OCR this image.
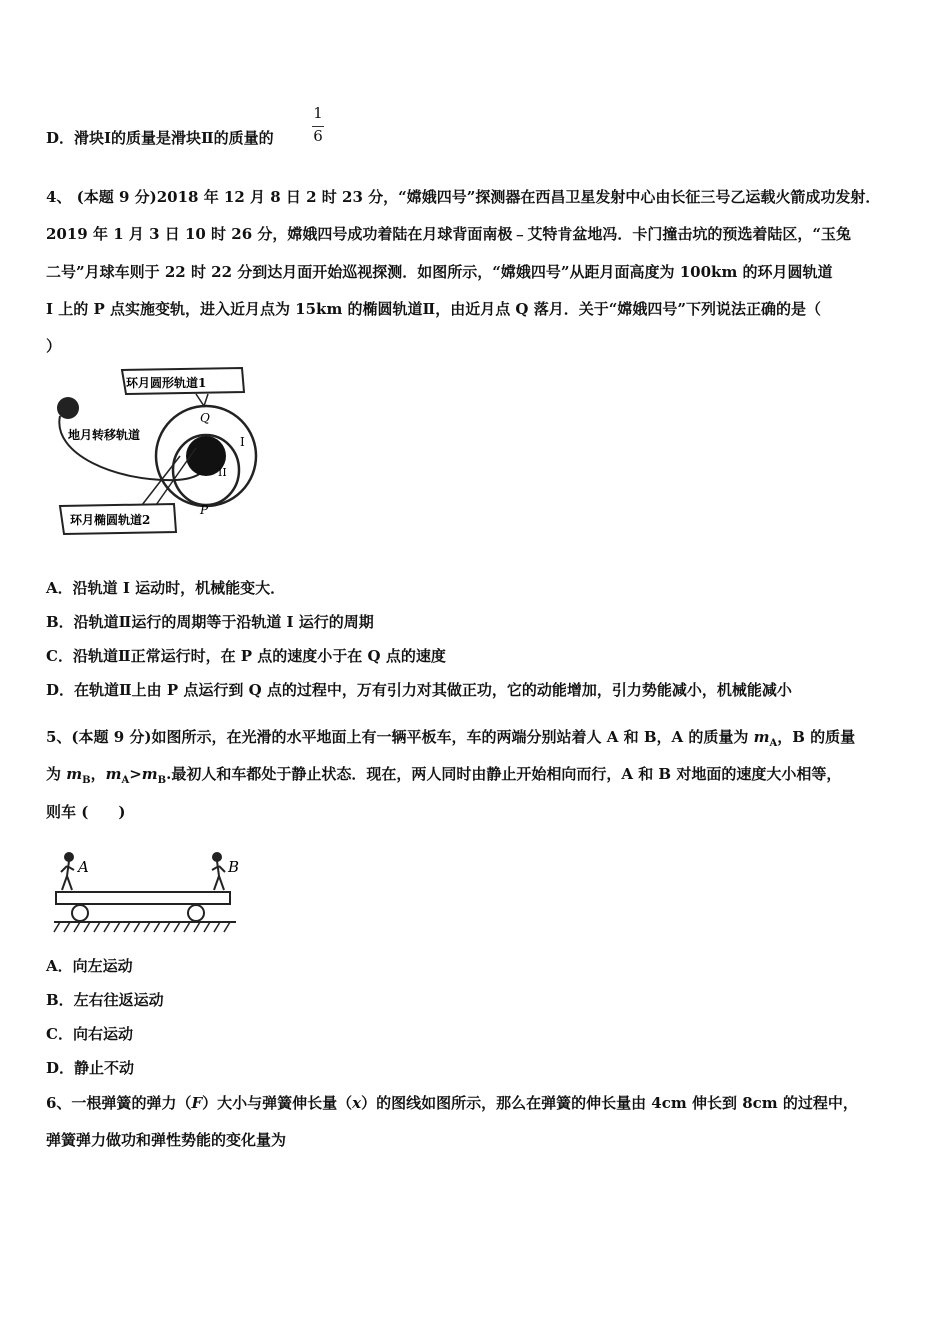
D．滑块Ⅰ的质量是滑块Ⅱ的质量的
1
6
4、 (本题 9 分)2018 年 12 月 8 日 2 时 23 分，“嫦娥四号”探测器在西昌卫星发射中心由长征三号乙运载火箭成功发射．
2019 年 1 月 3 日 10 时 26 分，嫦娥四号成功着陆在月球背面南极﹣艾特肯盆地冯．卡门撞击坑的预选着陆区，“玉兔
二号”月球车则于 22 时 22 分到达月面开始巡视探测．如图所示，“嫦娥四号”从距月面高度为 100km 的环月圆轨道
I 上的 P 点实施变轨，进入近月点为 15km 的椭圆轨道Ⅱ，由近月点 Q 落月．关于“嫦娥四号”下列说法正确的是（
）
环月圆形轨道1
地月转移轨道
环月椭圆轨道2
Q
P
I
II
A．沿轨道 I 运动时，机械能变大．
B．沿轨道Ⅱ运行的周期等于沿轨道 I 运行的周期
C．沿轨道Ⅱ正常运行时，在 P 点的速度小于在 Q 点的速度
D．在轨道Ⅱ上由 P 点运行到 Q 点的过程中，万有引力对其做正功，它的动能增加，引力势能减小，机械能减小
5、(本题 9 分)如图所示，在光滑的水平地面上有一辆平板车，车的两端分别站着人 A 和 B，A 的质量为 $m_A$，B 的质量
为 $m_B$，$m_A>m_B$.最初人和车都处于静止状态．现在，两人同时由静止开始相向而行，A 和 B 对地面的速度大小相等，
则车 (　　)
A	B
A．向左运动
B．左右往返运动
C．向右运动
D．静止不动
6、一根弹簧的弹力（F）大小与弹簧伸长量（x）的图线如图所示，那么在弹簧的伸长量由 4cm 伸长到 8cm 的过程中，
弹簧弹力做功和弹性势能的变化量为
